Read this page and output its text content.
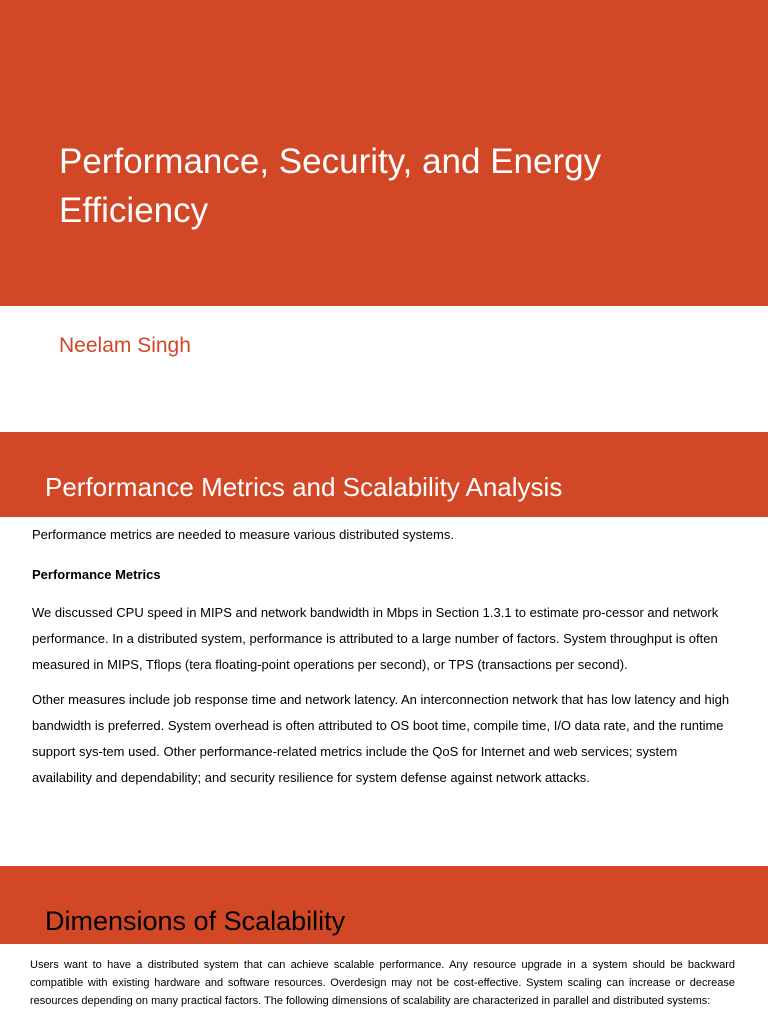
Performance, Security, and Energy Efficiency
Neelam Singh
Performance Metrics and Scalability Analysis

Performance metrics are needed to measure various distributed systems.

Performance Metrics

We discussed CPU speed in MIPS and network bandwidth in Mbps in Section 1.3.1 to estimate pro-cessor and network performance. In a distributed system, performance is attributed to a large number of factors. System throughput is often measured in MIPS, Tflops (tera floating-point operations per second), or TPS (transactions per second).

Other measures include job response time and network latency. An interconnection network that has low latency and high bandwidth is preferred. System overhead is often attributed to OS boot time, compile time, I/O data rate, and the runtime support sys-tem used. Other performance-related metrics include the QoS for Internet and web services; system availability and dependability; and security resilience for system defense against network attacks.

Dimensions of Scalability

Users want to have a distributed system that can achieve scalable performance. Any resource upgrade in a system should be backward compatible with existing hardware and software resources. Overdesign may not be cost-effective. System scaling can increase or decrease resources depending on many practical factors. The following dimensions of scalability are characterized in parallel and distributed systems:
